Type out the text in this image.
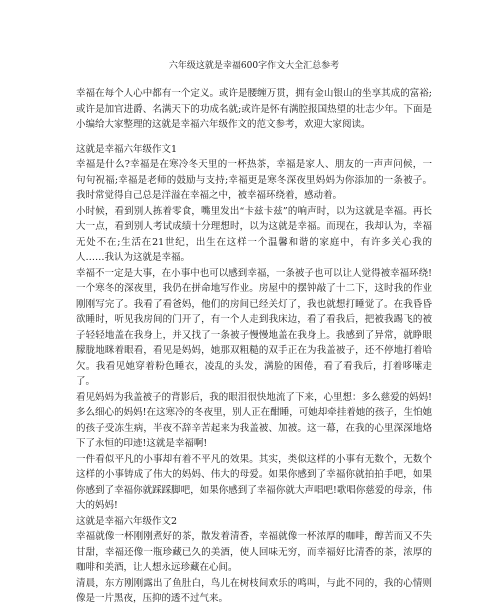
六年级这就是幸福600字作文大全汇总参考

幸福在每个人心中都有一个定义。或许是腰缠万贯，拥有金山银山的坐享其成的富裕;或许是加官进爵、名满天下的功成名就;或许是怀有满腔报国热望的壮志少年。下面是小编给大家整理的这就是幸福六年级作文的范文参考，欢迎大家阅读。

这就是幸福六年级作文1

幸福是什么?幸福是在寒冷冬天里的一杯热茶，幸福是家人、朋友的一声声问候，一句句祝福;幸福是老师的鼓励与支持;幸福更是寒冬深夜里妈妈为你添加的一条被子。我时常觉得自己总是洋溢在幸福之中，被幸福环绕着，感动着。

小时候，看到别人拣着零食，嘴里发出“卡兹卡兹”的响声时，以为这就是幸福。再长大一点，看到别人考试成绩十分理想时，以为这就是幸福。而现在，我却认为，幸福无处不在;生活在21世纪，出生在这样一个温馨和谐的家庭中，有许多关心我的人……我认为这就是幸福。

幸福不一定是大事，在小事中也可以感到幸福，一条被子也可以让人觉得被幸福环绕!一个寒冬的深夜里，我仍在拼命地写作业。房屋中的摆钟敲了十二下，这时我的作业刚刚写完了。我看了看爸妈，他们的房间已经关灯了，我也就想打睡觉了。在我昏昏欲睡时，听见我房间的门开了，有一个人走到我床边，看了看我后，把被我踢飞的被子轻轻地盖在我身上，并又找了一条被子慢慢地盖在我身上。我感到了异常，就睁眼朦胧地眯着眼看，看见是妈妈，她那双粗糙的双手正在为我盖被子，还不停地打着哈欠。我看见她穿着粉色睡衣，凌乱的头发，满脸的困倦，看了看我后，打着哆嗦走了。

看见妈妈为我盖被子的背影后，我的眼泪很快地流了下来，心里想：多么慈爱的妈妈!多么细心的妈妈!在这寒冷的冬夜里，别人正在酣睡，可她却牵挂着她的孩子，生怕她的孩子受冻生病，半夜不辞辛苦起来为我盖被、加被。这一幕，在我的心里深深地烙下了永恒的印迹!这就是幸福啊!

一件看似平凡的小事却有着不平凡的效果。其实，类似这样的小事有无数个，无数个这样的小事铸成了伟大的妈妈、伟大的母爱。如果你感到了幸福你就拍拍手吧，如果你感到了幸福你就踩踩脚吧，如果你感到了幸福你就大声唱吧!歌唱你慈爱的母亲，伟大的妈妈!

这就是幸福六年级作文2

幸福就像一杯刚刚煮好的茶，散发着清香，幸福就像一杯浓厚的咖啡，醇苦而又不失甘甜，幸福还像一瓶珍藏已久的美酒，使人回味无穷，而幸福好比清香的茶，浓厚的咖啡和美酒，让人想永远珍藏在心间。

清晨，东方刚刚露出了鱼肚白，鸟儿在树枝间欢乐的鸣叫，与此不同的，我的心情则像是一片黑夜，压抑的透不过气来。
